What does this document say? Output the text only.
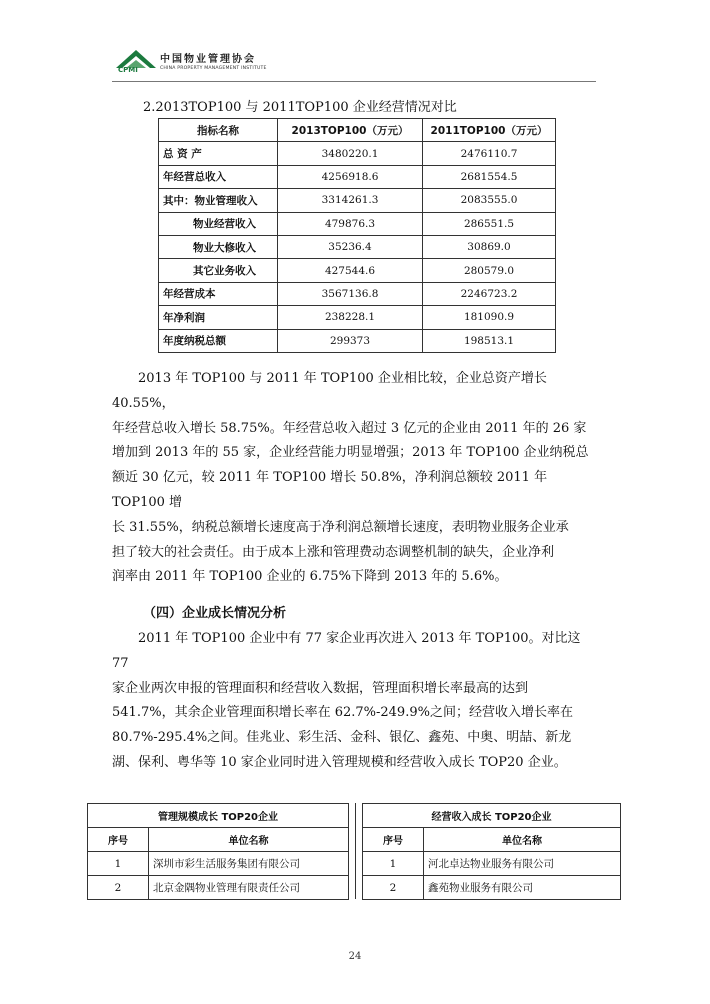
CPMI
中国物业管理协会
CHINA PROPERTY MANAGEMENT INSTITUTE
2.2013TOP100 与 2011TOP100 企业经营情况对比
指标名称	2013TOP100（万元）	2011TOP100（万元）
总 资 产	3480220.1	2476110.7
年经营总收入	4256918.6	2681554.5
其中：物业管理收入	3314261.3	2083555.0
物业经营收入	479876.3	286551.5
物业大修收入	35236.4	30869.0
其它业务收入	427544.6	280579.0
年经营成本	3567136.8	2246723.2
年净利润	238228.1	181090.9
年度纳税总额	299373	198513.1

2013 年 TOP100 与 2011 年 TOP100 企业相比较，企业总资产增长 40.55%，

年经营总收入增长 58.75%。年经营总收入超过 3 亿元的企业由 2011 年的 26 家

增加到 2013 年的 55 家，企业经营能力明显增强；2013 年 TOP100 企业纳税总

额近 30 亿元，较 2011 年 TOP100 增长 50.8%，净利润总额较 2011 年 TOP100 增

长 31.55%，纳税总额增长速度高于净利润总额增长速度，表明物业服务企业承

担了较大的社会责任。由于成本上涨和管理费动态调整机制的缺失，企业净利

润率由 2011 年 TOP100 企业的 6.75%下降到 2013 年的 5.6%。

（四）企业成长情况分析

2011 年 TOP100 企业中有 77 家企业再次进入 2013 年 TOP100。对比这 77

家企业两次申报的管理面积和经营收入数据，管理面积增长率最高的达到

541.7%，其余企业管理面积增长率在 62.7%-249.9%之间；经营收入增长率在

80.7%-295.4%之间。佳兆业、彩生活、金科、银亿、鑫苑、中奥、明喆、新龙

湖、保利、粤华等 10 家企业同时进入管理规模和经营收入成长 TOP20 企业。

管理规模成长 TOP20企业	
序号	单位名称
1	深圳市彩生活服务集团有限公司
2	北京金隅物业管理有限责任公司
经营收入成长 TOP20企业	
序号	单位名称
1	河北卓达物业服务有限公司
2	鑫苑物业服务有限公司
24
